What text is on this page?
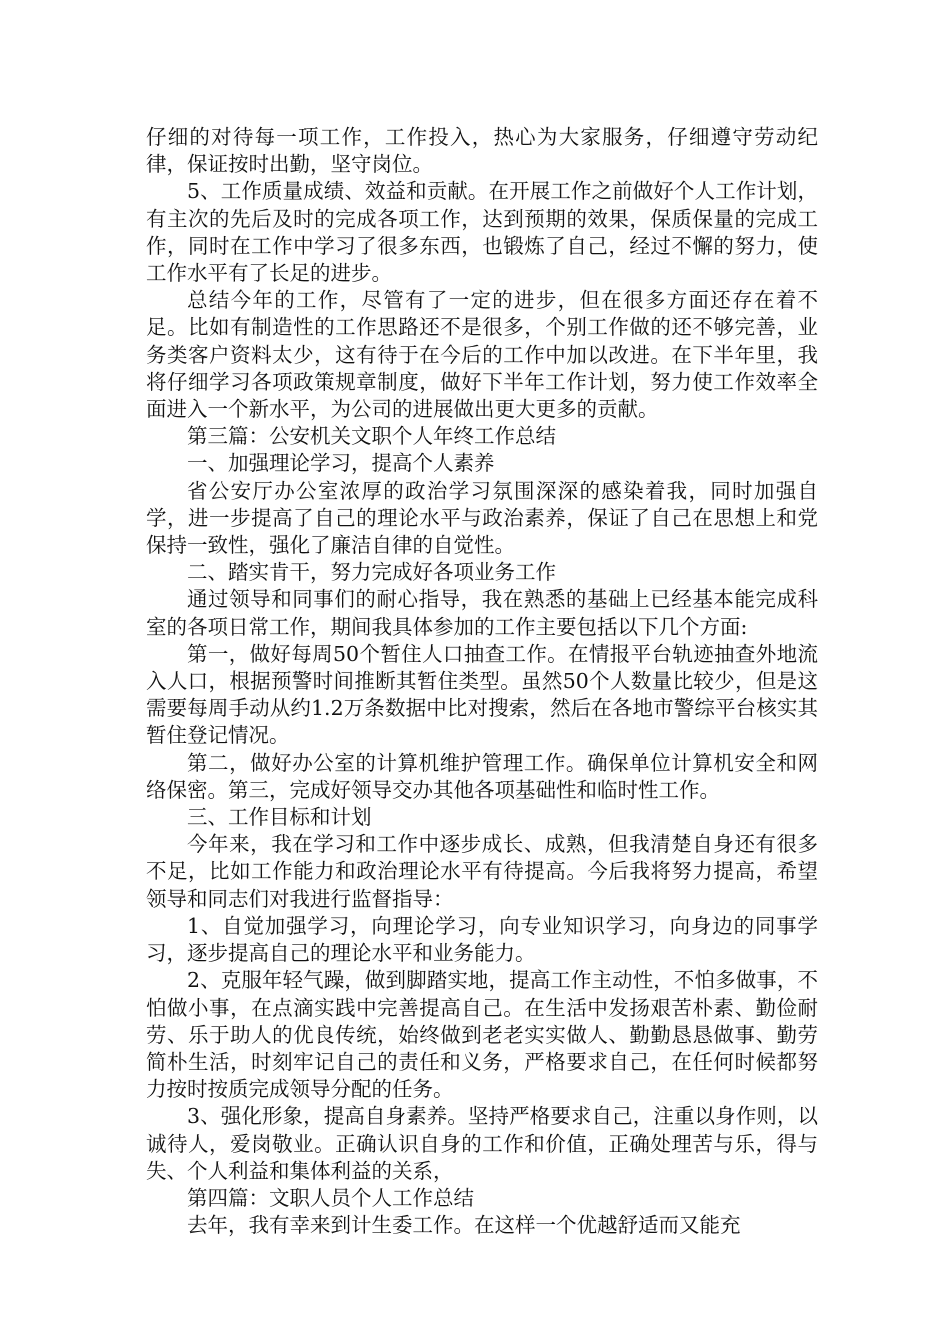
仔细的对待每一项工作，工作投入，热心为大家服务，仔细遵守劳动纪律，保证按时出勤，坚守岗位。

5、工作质量成绩、效益和贡献。在开展工作之前做好个人工作计划，有主次的先后及时的完成各项工作，达到预期的效果，保质保量的完成工作，同时在工作中学习了很多东西，也锻炼了自己，经过不懈的努力，使工作水平有了长足的进步。

总结今年的工作，尽管有了一定的进步，但在很多方面还存在着不足。比如有制造性的工作思路还不是很多，个别工作做的还不够完善，业务类客户资料太少，这有待于在今后的工作中加以改进。在下半年里，我将仔细学习各项政策规章制度，做好下半年工作计划，努力使工作效率全面进入一个新水平，为公司的进展做出更大更多的贡献。

第三篇：公安机关文职个人年终工作总结

一、加强理论学习，提高个人素养

省公安厅办公室浓厚的政治学习氛围深深的感染着我，同时加强自学，进一步提高了自己的理论水平与政治素养，保证了自己在思想上和党保持一致性，强化了廉洁自律的自觉性。

二、踏实肯干，努力完成好各项业务工作

通过领导和同事们的耐心指导，我在熟悉的基础上已经基本能完成科室的各项日常工作，期间我具体参加的工作主要包括以下几个方面:

第一，做好每周50个暂住人口抽查工作。在情报平台轨迹抽查外地流入人口，根据预警时间推断其暂住类型。虽然50个人数量比较少，但是这需要每周手动从约1.2万条数据中比对搜索，然后在各地市警综平台核实其暂住登记情况。

第二，做好办公室的计算机维护管理工作。确保单位计算机安全和网络保密。第三，完成好领导交办其他各项基础性和临时性工作。

三、工作目标和计划

今年来，我在学习和工作中逐步成长、成熟，但我清楚自身还有很多不足，比如工作能力和政治理论水平有待提高。今后我将努力提高，希望领导和同志们对我进行监督指导：

1、自觉加强学习，向理论学习，向专业知识学习，向身边的同事学习，逐步提高自己的理论水平和业务能力。

2、克服年轻气躁，做到脚踏实地，提高工作主动性，不怕多做事，不怕做小事，在点滴实践中完善提高自己。在生活中发扬艰苦朴素、勤俭耐劳、乐于助人的优良传统，始终做到老老实实做人、勤勤恳恳做事、勤劳简朴生活，时刻牢记自己的责任和义务，严格要求自己，在任何时候都努力按时按质完成领导分配的任务。

3、强化形象，提高自身素养。坚持严格要求自己，注重以身作则，以诚待人，爱岗敬业。正确认识自身的工作和价值，正确处理苦与乐，得与失、个人利益和集体利益的关系，

第四篇：文职人员个人工作总结

去年，我有幸来到计生委工作。在这样一个优越舒适而又能充
